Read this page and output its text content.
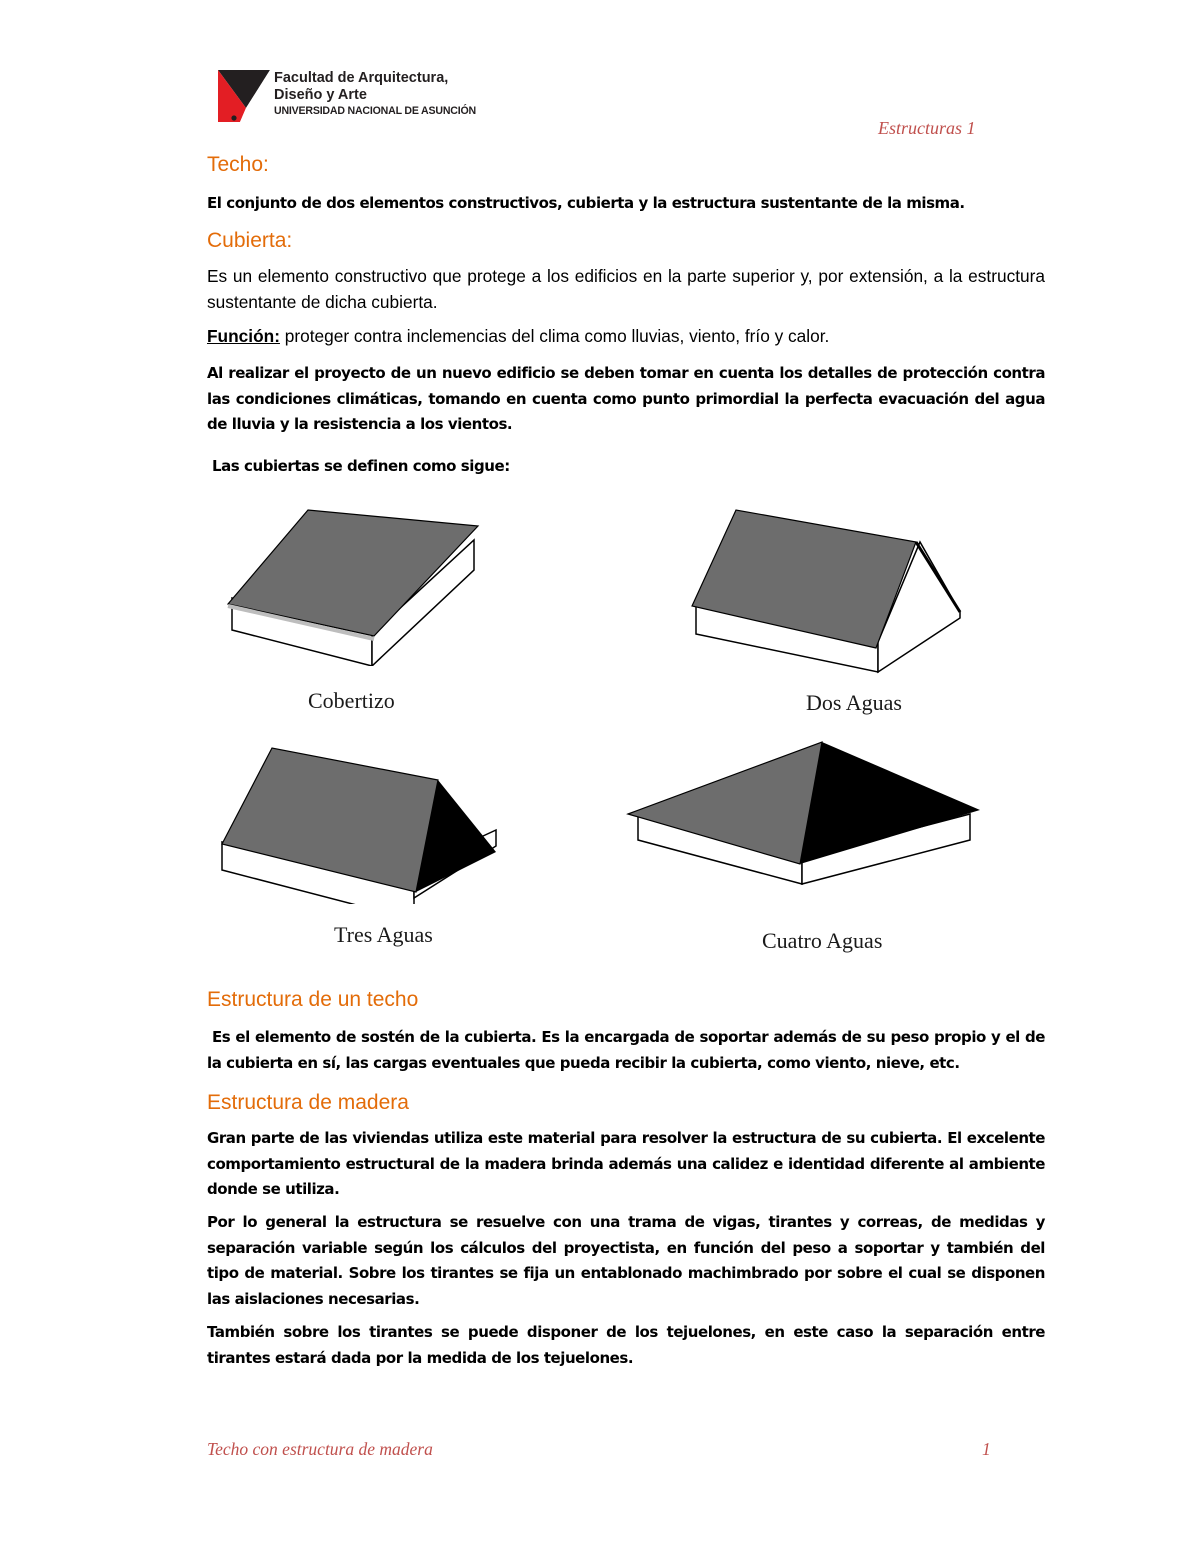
Facultad de Arquitectura,
Diseño y Arte
UNIVERSIDAD NACIONAL DE ASUNCIÓN
Estructuras 1
Techo:
El conjunto de dos elementos constructivos, cubierta y la estructura sustentante de la misma.
Cubierta:
Es un elemento constructivo que protege a los edificios en la parte superior y, por extensión, a la estructura sustentante de dicha cubierta.
Función: proteger contra inclemencias del clima como lluvias, viento, frío y calor.
Al realizar el proyecto de un nuevo edificio se deben tomar en cuenta los detalles de protección contra las condiciones climáticas, tomando en cuenta como punto primordial la perfecta evacuación del agua de lluvia y la resistencia a los vientos.
Las cubiertas se definen como sigue:
Cobertizo	Dos Aguas
Tres Aguas	Cuatro Aguas
Estructura de un techo
Es el elemento de sostén de la cubierta. Es la encargada de soportar además de su peso propio y el de la cubierta en sí, las cargas eventuales que pueda recibir la cubierta, como viento, nieve, etc.
Estructura de madera
Gran parte de las viviendas utiliza este material para resolver la estructura de su cubierta. El excelente comportamiento estructural de la madera brinda además una calidez e identidad diferente al ambiente donde se utiliza.
Por lo general la estructura se resuelve con una trama de vigas, tirantes y correas, de medidas y separación variable según los cálculos del proyectista, en función del peso a soportar y también del tipo de material. Sobre los tirantes se fija un entablonado machimbrado por sobre el cual se disponen las aislaciones necesarias.
También sobre los tirantes se puede disponer de los tejuelones, en este caso la separación entre tirantes estará dada por la medida de los tejuelones.
Techo con estructura de madera	1
